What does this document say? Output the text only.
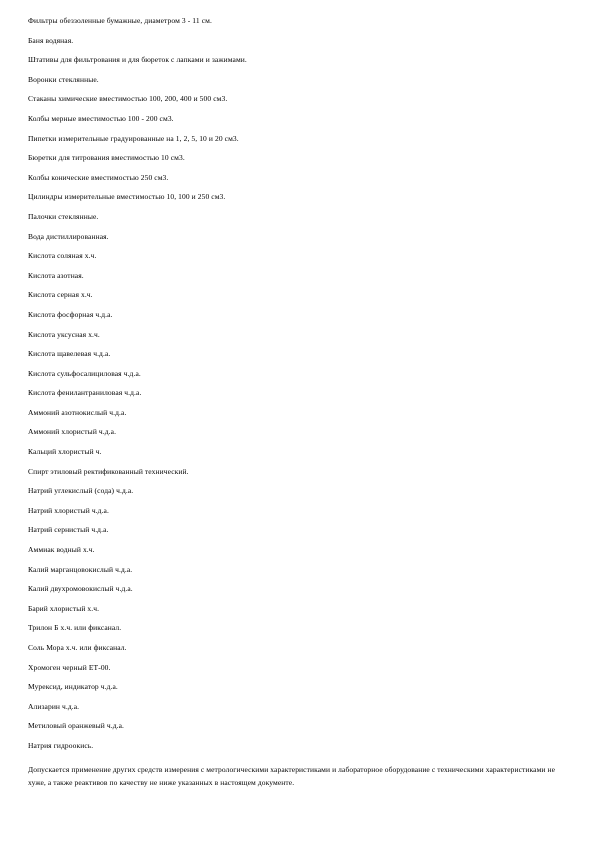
Фильтры обеззоленные бумажные, диаметром 3 - 11 см.
Баня водяная.
Штативы для фильтрования и для бюреток с лапками и зажимами.
Воронки стеклянные.
Стаканы химические вместимостью 100, 200, 400 и 500 см3.
Колбы мерные вместимостью 100 - 200 см3.
Пипетки измерительные градуированные на 1, 2, 5, 10 и 20 см3.
Бюретки для титрования вместимостью 10 см3.
Колбы конические вместимостью 250 см3.
Цилиндры измерительные вместимостью 10, 100 и 250 см3.
Палочки стеклянные.
Вода дистиллированная.
Кислота соляная х.ч.
Кислота азотная.
Кислота серная х.ч.
Кислота фосфорная ч.д.а.
Кислота уксусная х.ч.
Кислота щавелевая ч.д.а.
Кислота сульфосалициловая ч.д.а.
Кислота фенилантраниловая ч.д.а.
Аммоний азотнокислый ч.д.а.
Аммоний хлористый ч.д.а.
Кальций хлористый ч.
Спирт этиловый ректификованный технический.
Натрий углекислый (сода) ч.д.а.
Натрий хлористый ч.д.а.
Натрий сернистый ч.д.а.
Аммиак водный х.ч.
Калий марганцовокислый ч.д.а.
Калий двухромовокислый ч.д.а.
Барий хлористый х.ч.
Трилон Б х.ч. или фиксанал.
Соль Мора х.ч. или фиксанал.
Хромоген черный ЕТ-00.
Мурексид, индикатор ч.д.а.
Ализарин ч.д.а.
Метиловый оранжевый ч.д.а.
Натрия гидроокись.

Допускается применение других средств измерения с метрологическими характеристиками и лабораторное оборудование с техническими характеристиками не хуже, а также реактивов по качеству не ниже указанных в настоящем документе.
